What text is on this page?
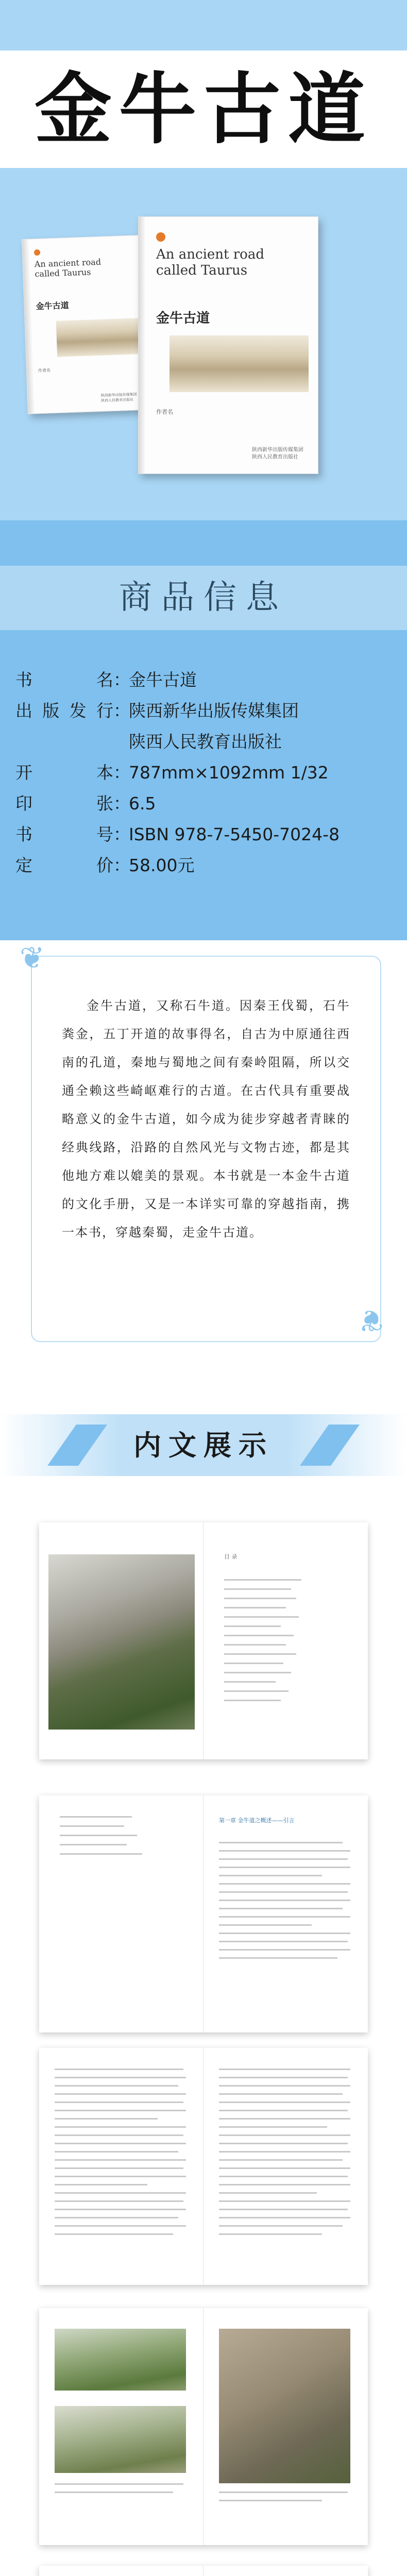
金牛古道
An ancient road
called Taurus
金牛古道
作者名
陕西新华出版传媒集团
陕西人民教育出版社
An ancient road
called Taurus
金牛古道
作者名
陕西新华出版传媒集团
陕西人民教育出版社
商品信息
书	名 ：
金牛古道
出 版 发 行 ：
陕西新华出版传媒集团
陕西人民教育出版社
开	本 ：
787mm×1092mm 1/32
印	张 ：
6.5
书	号 ：
ISBN 978-7-5450-7024-8
定	价 ：
58.00元
❦
❦
金牛古道，又称石牛道。因秦王伐蜀，石牛粪金，五丁开道的故事得名，自古为中原通往西南的孔道，秦地与蜀地之间有秦岭阻隔，所以交通全赖这些崎岖难行的古道。在古代具有重要战略意义的金牛古道，如今成为徒步穿越者青睐的经典线路，沿路的自然风光与文物古迹，都是其他地方难以媲美的景观。本书就是一本金牛古道的文化手册，又是一本详实可靠的穿越指南，携一本书，穿越秦蜀，走金牛古道。
内文展示
目 录
第一章 金牛道之概述——引言
